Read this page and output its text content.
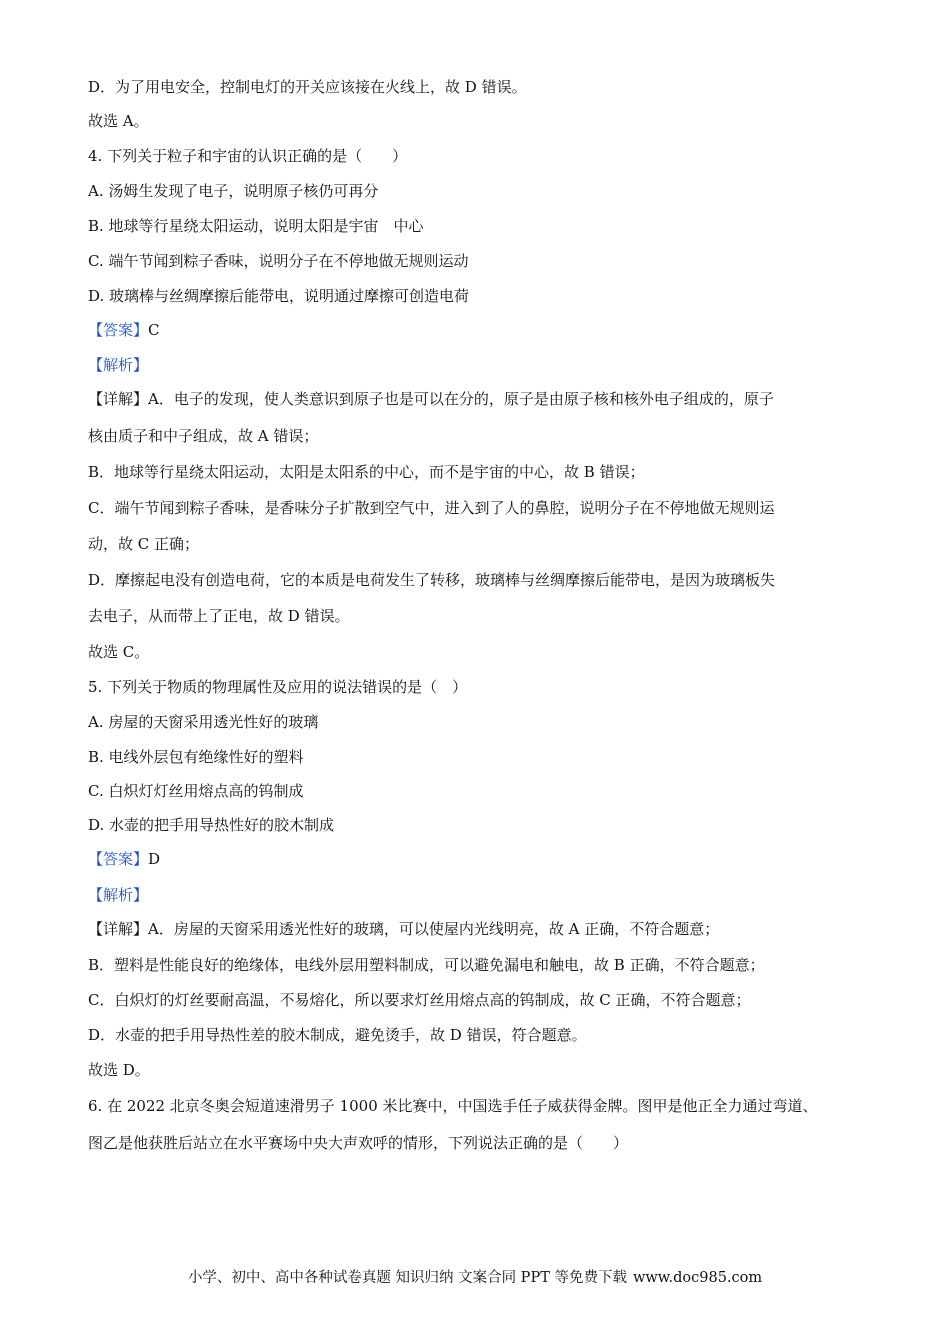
D．为了用电安全，控制电灯的开关应该接在火线上，故 D 错误。
故选 A。
4. 下列关于粒子和宇宙的认识正确的是（　　）
A. 汤姆生发现了电子，说明原子核仍可再分
B. 地球等行星绕太阳运动，说明太阳是宇宙　中心
C. 端午节闻到粽子香味，说明分子在不停地做无规则运动
D. 玻璃棒与丝绸摩擦后能带电，说明通过摩擦可创造电荷
【答案】C
【解析】
【详解】A．电子的发现，使人类意识到原子也是可以在分的，原子是由原子核和核外电子组成的，原子
核由质子和中子组成，故 A 错误；
B．地球等行星绕太阳运动，太阳是太阳系的中心，而不是宇宙的中心，故 B 错误；
C．端午节闻到粽子香味，是香味分子扩散到空气中，进入到了人的鼻腔，说明分子在不停地做无规则运
动，故 C 正确；
D．摩擦起电没有创造电荷，它的本质是电荷发生了转移，玻璃棒与丝绸摩擦后能带电，是因为玻璃板失
去电子，从而带上了正电，故 D 错误。
故选 C。
5. 下列关于物质的物理属性及应用的说法错误的是（　）
A. 房屋的天窗采用透光性好的玻璃
B. 电线外层包有绝缘性好的塑料
C. 白炽灯灯丝用熔点高的钨制成
D. 水壶的把手用导热性好的胶木制成
【答案】D
【解析】
【详解】A．房屋的天窗采用透光性好的玻璃，可以使屋内光线明亮，故 A 正确，不符合题意；
B．塑料是性能良好的绝缘体，电线外层用塑料制成，可以避免漏电和触电，故 B 正确，不符合题意；
C．白炽灯的灯丝要耐高温，不易熔化，所以要求灯丝用熔点高的钨制成，故 C 正确，不符合题意；
D．水壶的把手用导热性差的胶木制成，避免烫手，故 D 错误，符合题意。
故选 D。
6. 在 2022 北京冬奥会短道速滑男子 1000 米比赛中，中国选手任子威获得金牌。图甲是他正全力通过弯道、
图乙是他获胜后站立在水平赛场中央大声欢呼的情形，下列说法正确的是（　　）
小学、初中、高中各种试卷真题 知识归纳 文案合同 PPT 等免费下载 www.doc985.com
